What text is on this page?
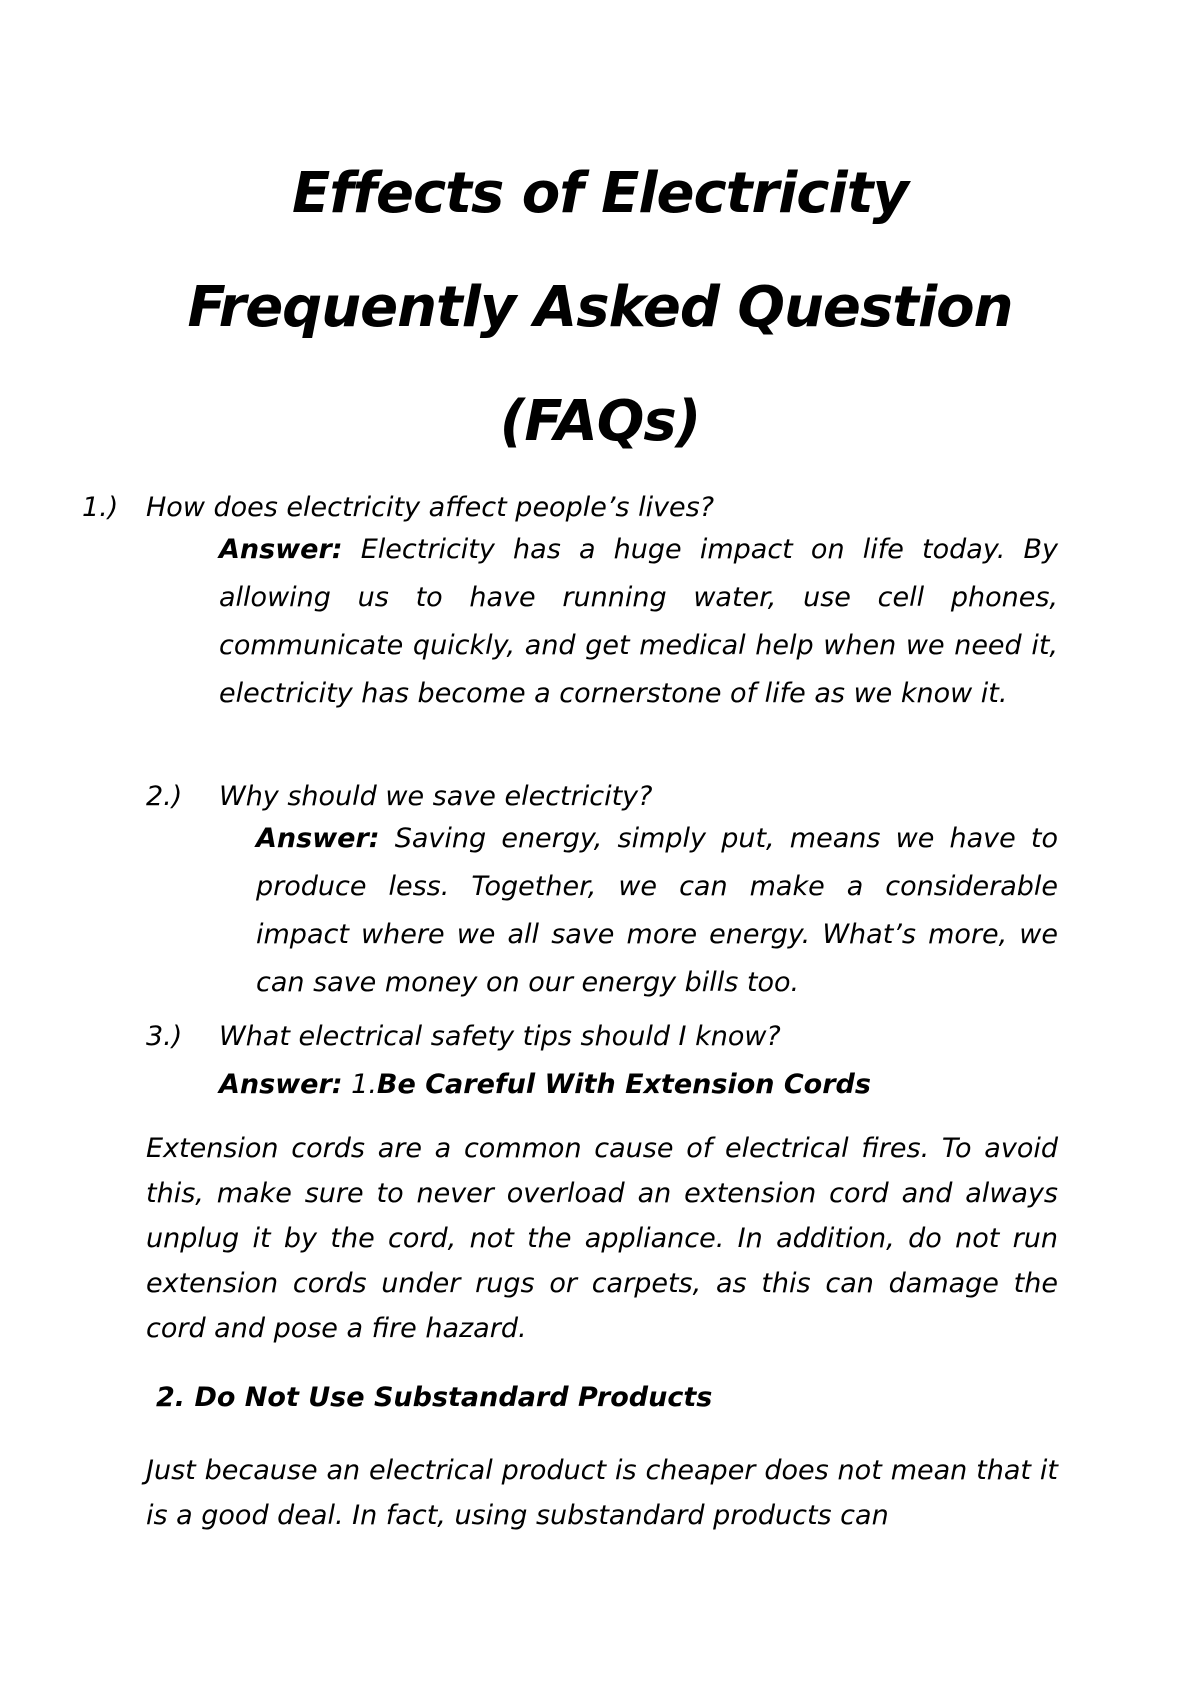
Effects of Electricity
Frequently Asked Question
(FAQs)
1.) How does electricity affect people’s lives?

Answer: Electricity has a huge impact on life today. By allowing us to have running water, use cell phones, communicate quickly, and get medical help when we need it, electricity has become a cornerstone of life as we know it.

2.) Why should we save electricity?

Answer: Saving energy, simply put, means we have to produce less. Together, we can make a considerable impact where we all save more energy. What’s more, we can save money on our energy bills too.

3.) What electrical safety tips should I know?
Answer: 1.Be Careful With Extension Cords

Extension cords are a common cause of electrical fires. To avoid this, make sure to never overload an extension cord and always unplug it by the cord, not the appliance. In addition, do not run extension cords under rugs or carpets, as this can damage the cord and pose a fire hazard.

2. Do Not Use Substandard Products

Just because an electrical product is cheaper does not mean that it is a good deal. In fact, using substandard products can
